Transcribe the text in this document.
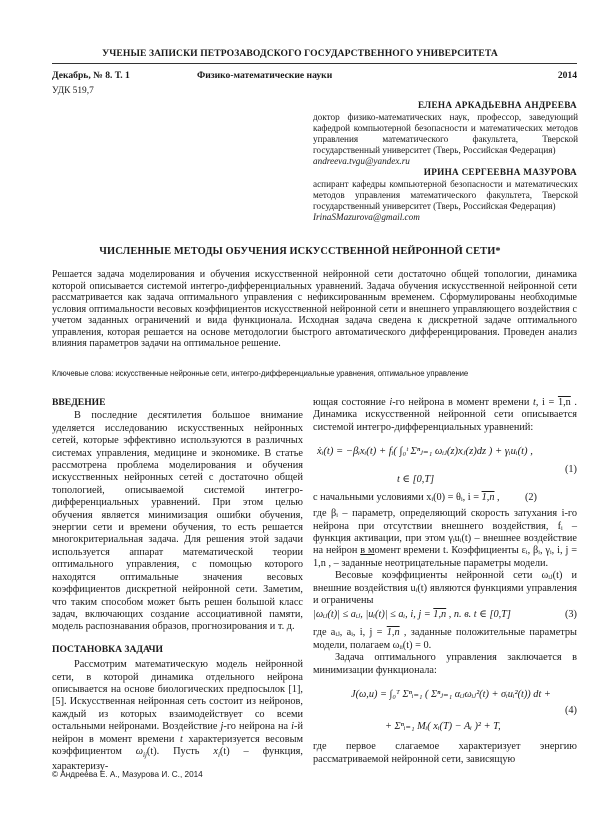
УЧЕНЫЕ ЗАПИСКИ ПЕТРОЗАВОДСКОГО ГОСУДАРСТВЕННОГО УНИВЕРСИТЕТА
Декабрь, № 8. Т. 1	Физико-математические науки	2014
УДК 519,7
ЕЛЕНА АРКАДЬЕВНА АНДРЕЕВА
доктор физико-математических наук, профессор, заведующий кафедрой компьютерной безопасности и математических методов управления математического факультета, Тверской государственный университет (Тверь, Российская Федерация)
andreeva.tvgu@yandex.ru
ИРИНА СЕРГЕЕВНА МАЗУРОВА
аспирант кафедры компьютерной безопасности и математических методов управления математического факультета, Тверской государственный университет (Тверь, Российская Федерация)
IrinaSMazurova@gmail.com
ЧИСЛЕННЫЕ МЕТОДЫ ОБУЧЕНИЯ ИСКУССТВЕННОЙ НЕЙРОННОЙ СЕТИ*
Решается задача моделирования и обучения искусственной нейронной сети достаточно общей топологии, динамика которой описывается системой интегро-дифференциальных уравнений. Задача обучения искусственной нейронной сети рассматривается как задача оптимального управления с нефиксированным временем. Сформулированы необходимые условия оптимальности весовых коэффициентов искусственной нейронной сети и внешнего управляющего воздействия с учетом заданных ограничений и вида функционала. Исходная задача сведена к дискретной задаче оптимального управления, которая решается на основе методологии быстрого автоматического дифференцирования. Проведен анализ влияния параметров задачи на оптимальное решение.
Ключевые слова: искусственные нейронные сети, интегро-дифференциальные уравнения, оптимальное управление
ВВЕДЕНИЕ

В последние десятилетия большое внимание уделяется исследованию искусственных нейронных сетей, которые эффективно используются в различных системах управления, медицине и экономике. В статье рассмотрена проблема моделирования и обучения искусственных нейронных сетей с достаточно общей топологией, описываемой системой интегро-дифференциальных уравнений. При этом целью обучения является минимизация ошибки обучения, энергии сети и времени обучения, то есть решается многокритериальная задача. Для решения этой задачи используется аппарат математической теории оптимального управления, с помощью которого находятся оптимальные значения весовых коэффициентов дискретной нейронной сети. Заметим, что таким способом может быть решен большой класс задач, включающих создание ассоциативной памяти, модель распознавания образов, прогнозирования и т. д.

ПОСТАНОВКА ЗАДАЧИ

Рассмотрим математическую модель нейронной сети, в которой динамика отдельного нейрона описывается на основе биологических предпосылок [1], [5]. Искусственная нейронная сеть состоит из нейронов, каждый из которых взаимодействует со всеми остальными нейронами. Воздействие j-го нейрона на i-й нейрон в момент времени t характеризуется весовым коэффициентом $\omega_{ij}(t)$. Пусть $x_i(t)$ – функция, характеризу-

© Андреева Е. А., Мазурова И. С., 2014

ющая состояние i-го нейрона в момент времени t, i = 1,n . Динамика искусственной нейронной сети описывается системой интегро-дифференциальных уравнений:

ẋᵢ(t) = −βᵢxᵢ(t) + fᵢ( ∫₀ᵗ Σⁿⱼ₌₁ ωᵢⱼ(z)xⱼ(z)dz ) + γᵢuᵢ(t) ,
t ∈ [0,T]
(1)
с начальными условиями xᵢ(0) = θᵢ, i = 1,n , (2)

где βᵢ – параметр, определяющий скорость затухания i-го нейрона при отсутствии внешнего воздействия, fᵢ – функция активации, при этом γᵢuᵢ(t) – внешнее воздействие на нейрон в момент времени t. Коэффициенты εᵢ, βᵢ, γᵢ, i, j = 1,n , – заданные неотрицательные параметры модели.

Весовые коэффициенты нейронной сети ωᵢⱼ(t) и внешние воздействия uᵢ(t) являются функциями управления и ограничены

|ωᵢⱼ(t)| ≤ aᵢⱼ, |uᵢ(t)| ≤ aᵢ, i, j = 1,n , п. в. t ∈ [0,T]	(3)

где aᵢⱼ, aᵢ, i, j = 1,n , заданные положительные параметры модели, полагаем ωᵢᵢ(t) = 0.

Задача оптимального управления заключается в минимизации функционала:

J(ω,u) = ∫₀ᵀ Σⁿᵢ₌₁ ( Σⁿⱼ₌₁ αᵢⱼωᵢⱼ²(t) + σᵢuᵢ²(t)) dt +
(4)
+ Σⁿᵢ₌₁ Mᵢ( xᵢ(T) − Aᵢ )² + T,

где первое слагаемое характеризует энергию рассматриваемой нейронной сети, зависящую
